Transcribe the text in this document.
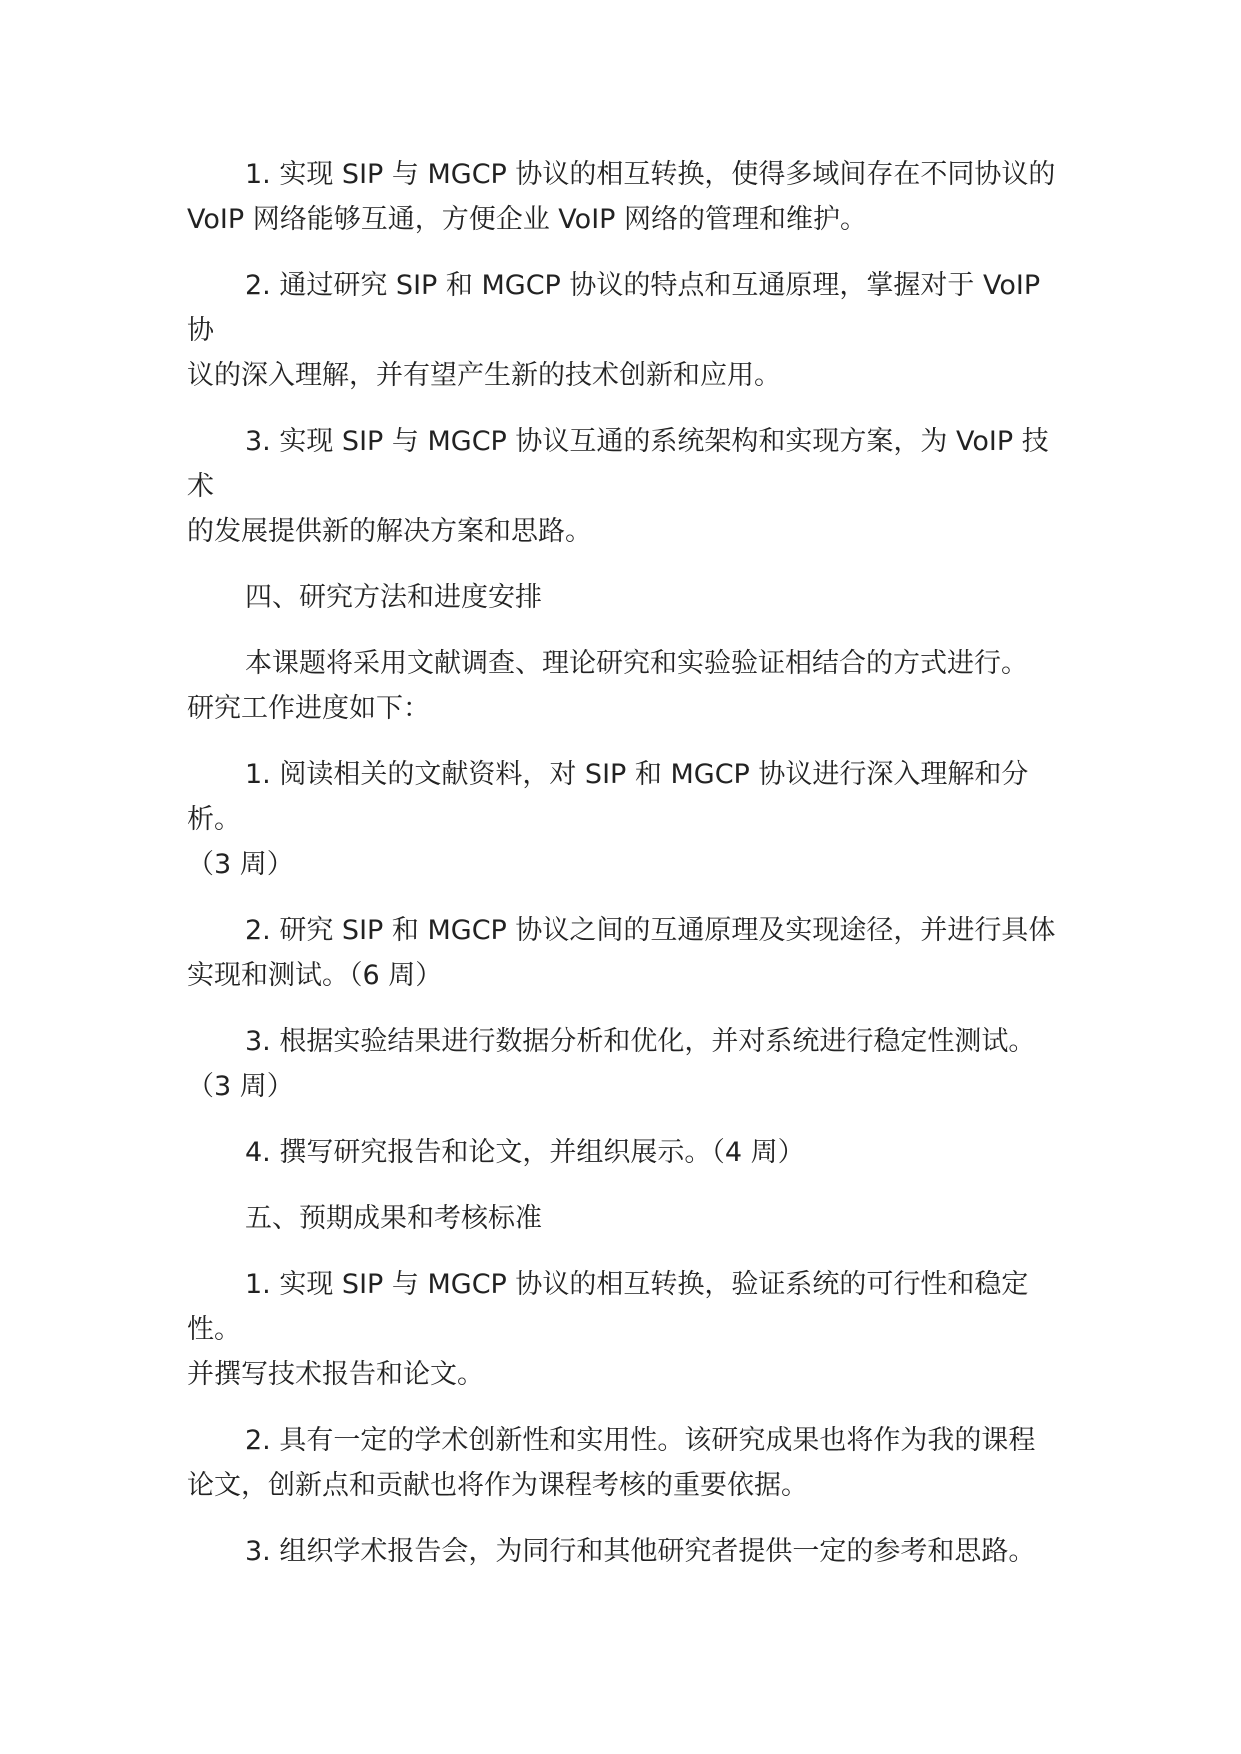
1. 实现 SIP 与 MGCP 协议的相互转换，使得多域间存在不同协议的
VoIP 网络能够互通，方便企业 VoIP 网络的管理和维护。

2. 通过研究 SIP 和 MGCP 协议的特点和互通原理，掌握对于 VoIP 协
议的深入理解，并有望产生新的技术创新和应用。

3. 实现 SIP 与 MGCP 协议互通的系统架构和实现方案，为 VoIP 技术
的发展提供新的解决方案和思路。

四、研究方法和进度安排

本课题将采用文献调查、理论研究和实验验证相结合的方式进行。
研究工作进度如下：

1. 阅读相关的文献资料，对 SIP 和 MGCP 协议进行深入理解和分析。
（3 周）

2. 研究 SIP 和 MGCP 协议之间的互通原理及实现途径，并进行具体
实现和测试。（6 周）

3. 根据实验结果进行数据分析和优化，并对系统进行稳定性测试。
（3 周）

4. 撰写研究报告和论文，并组织展示。（4 周）

五、预期成果和考核标准

1. 实现 SIP 与 MGCP 协议的相互转换，验证系统的可行性和稳定性。
并撰写技术报告和论文。

2. 具有一定的学术创新性和实用性。该研究成果也将作为我的课程
论文，创新点和贡献也将作为课程考核的重要依据。

3. 组织学术报告会，为同行和其他研究者提供一定的参考和思路。
